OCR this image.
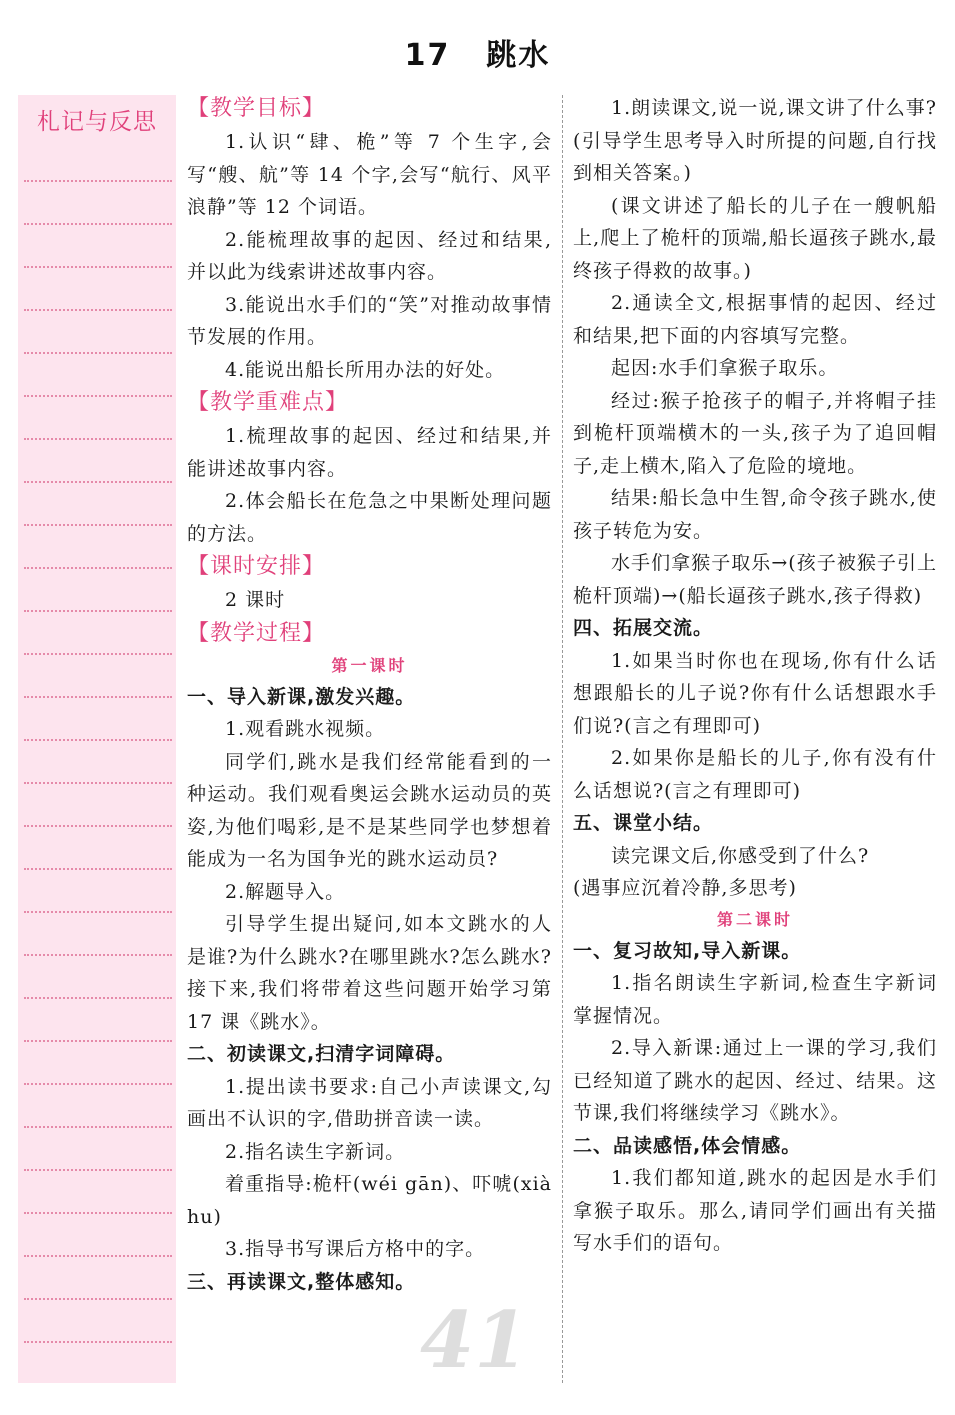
17 跳水
札记与反思

【教学目标】

1.认识“肆、桅”等 7 个生字,会写“艘、航”等 14 个字,会写“航行、风平浪静”等 12 个词语。

2.能梳理故事的起因、经过和结果,并以此为线索讲述故事内容。

3.能说出水手们的“笑”对推动故事情节发展的作用。

4.能说出船长所用办法的好处。

【教学重难点】

1.梳理故事的起因、经过和结果,并能讲述故事内容。

2.体会船长在危急之中果断处理问题的方法。

【课时安排】

2 课时

【教学过程】

第一课时

一、导入新课,激发兴趣。

1.观看跳水视频。

同学们,跳水是我们经常能看到的一种运动。我们观看奥运会跳水运动员的英姿,为他们喝彩,是不是某些同学也梦想着能成为一名为国争光的跳水运动员?

2.解题导入。

引导学生提出疑问,如本文跳水的人是谁?为什么跳水?在哪里跳水?怎么跳水?接下来,我们将带着这些问题开始学习第 17 课《跳水》。

二、初读课文,扫清字词障碍。

1.提出读书要求:自己小声读课文,勾画出不认识的字,借助拼音读一读。

2.指名读生字新词。

着重指导:桅杆(wéi gān)、吓唬(xià hu)

3.指导书写课后方格中的字。

三、再读课文,整体感知。

1.朗读课文,说一说,课文讲了什么事?(引导学生思考导入时所提的问题,自行找到相关答案。)

(课文讲述了船长的儿子在一艘帆船上,爬上了桅杆的顶端,船长逼孩子跳水,最终孩子得救的故事。)

2.通读全文,根据事情的起因、经过和结果,把下面的内容填写完整。

起因:水手们拿猴子取乐。

经过:猴子抢孩子的帽子,并将帽子挂到桅杆顶端横木的一头,孩子为了追回帽子,走上横木,陷入了危险的境地。

结果:船长急中生智,命令孩子跳水,使孩子转危为安。

水手们拿猴子取乐→(孩子被猴子引上桅杆顶端)→(船长逼孩子跳水,孩子得救)

四、拓展交流。

1.如果当时你也在现场,你有什么话想跟船长的儿子说?你有什么话想跟水手们说?(言之有理即可)

2.如果你是船长的儿子,你有没有什么话想说?(言之有理即可)

五、课堂小结。

读完课文后,你感受到了什么?

(遇事应沉着冷静,多思考)

第二课时

一、复习故知,导入新课。

1.指名朗读生字新词,检查生字新词掌握情况。

2.导入新课:通过上一课的学习,我们已经知道了跳水的起因、经过、结果。这节课,我们将继续学习《跳水》。

二、品读感悟,体会情感。

1.我们都知道,跳水的起因是水手们拿猴子取乐。那么,请同学们画出有关描写水手们的语句。

41
